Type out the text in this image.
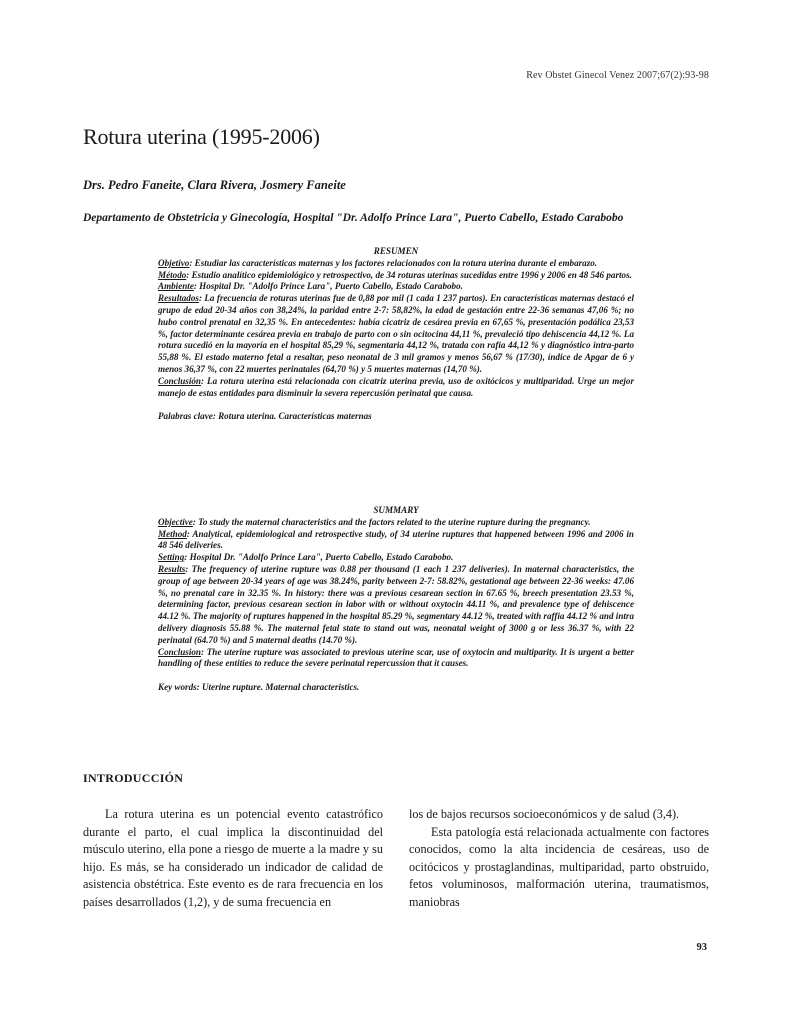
Rev Obstet Ginecol Venez 2007;67(2):93-98
Rotura uterina (1995-2006)
Drs. Pedro Faneite, Clara Rivera, Josmery Faneite
Departamento de Obstetricia y Ginecología, Hospital "Dr. Adolfo Prince Lara", Puerto Cabello, Estado Carabobo

RESUMEN

Objetivo: Estudiar las características maternas y los factores relacionados con la rotura uterina durante el embarazo.

Método: Estudio analítico epidemiológico y retrospectivo, de 34 roturas uterinas sucedidas entre 1996 y 2006 en 48 546 partos.

Ambiente: Hospital Dr. "Adolfo Prince Lara", Puerto Cabello, Estado Carabobo.

Resultados: La frecuencia de roturas uterinas fue de 0,88 por mil (1 cada 1 237 partos). En características maternas destacó el grupo de edad 20-34 años con 38,24%, la paridad entre 2-7: 58,82%, la edad de gestación entre 22-36 semanas 47,06 %; no hubo control prenatal en 32,35 %. En antecedentes: había cicatriz de cesárea previa en 67,65 %, presentación podálica 23,53 %, factor determinante cesárea previa en trabajo de parto con o sin ocitocina 44,11 %, prevaleció tipo dehiscencia 44,12 %. La rotura sucedió en la mayoría en el hospital 85,29 %, segmentaria 44,12 %, tratada con rafia 44,12 % y diagnóstico intra-parto 55,88 %. El estado materno fetal a resaltar, peso neonatal de 3 mil gramos y menos 56,67 % (17/30), índice de Apgar de 6 y menos 36,37 %, con 22 muertes perinatales (64,70 %) y 5 muertes maternas (14,70 %).

Conclusión: La rotura uterina está relacionada con cicatriz uterina previa, uso de oxitócicos y multiparidad. Urge un mejor manejo de estas entidades para disminuir la severa repercusión perinatal que causa.

Palabras clave: Rotura uterina. Características maternas

SUMMARY

Objective: To study the maternal characteristics and the factors related to the uterine rupture during the pregnancy.

Method: Analytical, epidemiological and retrospective study, of 34 uterine ruptures that happened between 1996 and 2006 in 48 546 deliveries.

Setting: Hospital Dr. "Adolfo Prince Lara", Puerto Cabello, Estado Carabobo.

Results: The frequency of uterine rupture was 0.88 per thousand (1 each 1 237 deliveries). In maternal characteristics, the group of age between 20-34 years of age was 38.24%, parity between 2-7: 58.82%, gestational age between 22-36 weeks: 47.06 %, no prenatal care in 32.35 %. In history: there was a previous cesarean section in 67.65 %, breech presentation 23.53 %, determining factor, previous cesarean section in labor with or without oxytocin 44.11 %, and prevalence type of dehiscence 44.12 %. The majority of ruptures happened in the hospital 85.29 %, segmentary 44.12 %, treated with raffia 44.12 % and intra delivery diagnosis 55.88 %. The maternal fetal state to stand out was, neonatal weight of 3000 g or less 36.37 %, with 22 perinatal (64.70 %) and 5 maternal deaths (14.70 %).

Conclusion: The uterine rupture was associated to previous uterine scar, use of oxytocin and multiparity. It is urgent a better handling of these entities to reduce the severe perinatal repercussion that it causes.

Key words: Uterine rupture. Maternal characteristics.

INTRODUCCIÓN

La rotura uterina es un potencial evento catastrófico durante el parto, el cual implica la discontinuidad del músculo uterino, ella pone a riesgo de muerte a la madre y su hijo. Es más, se ha considerado un indicador de calidad de asistencia obstétrica. Este evento es de rara frecuencia en los países desarrollados (1,2), y de suma frecuencia en

los de bajos recursos socioeconómicos y de salud (3,4).

Esta patología está relacionada actualmente con factores conocidos, como la alta incidencia de cesáreas, uso de ocitócicos y prostaglandinas, multiparidad, parto obstruido, fetos voluminosos, malformación uterina, traumatismos, maniobras

93
